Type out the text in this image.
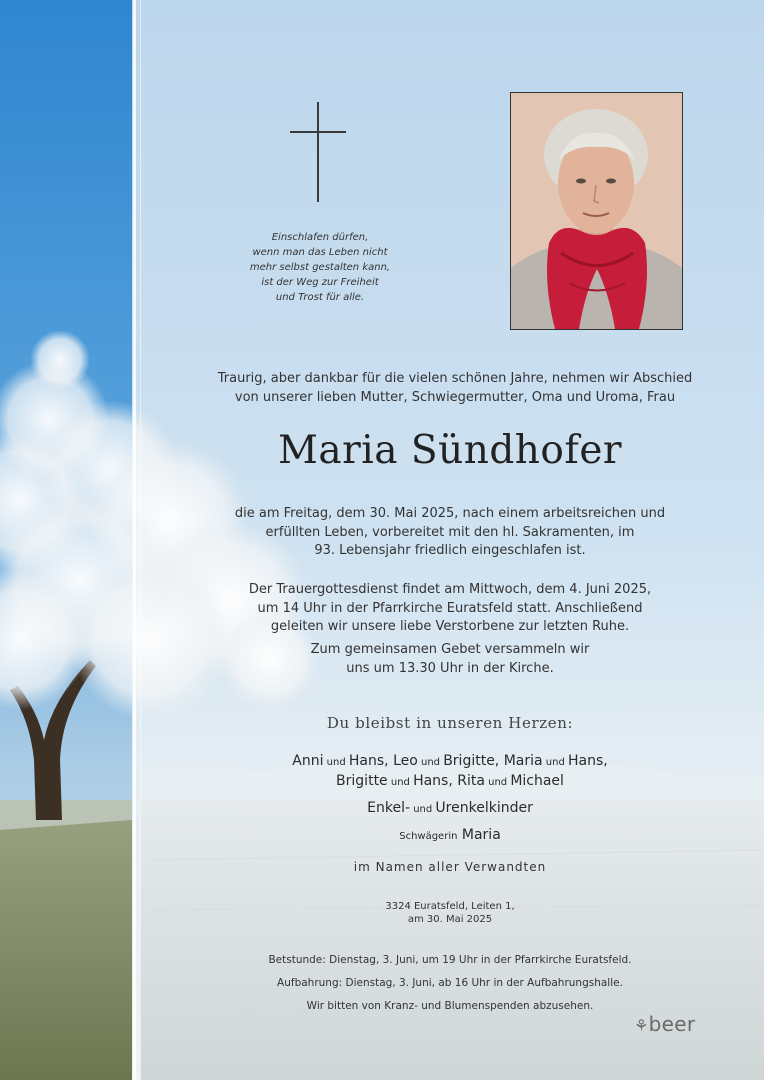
Einschlafen dürfen,
wenn man das Leben nicht
mehr selbst gestalten kann,
ist der Weg zur Freiheit
und Trost für alle.
Traurig, aber dankbar für die vielen schönen Jahre, nehmen wir Abschied
von unserer lieben Mutter, Schwiegermutter, Oma und Uroma, Frau
Maria Sündhofer
die am Freitag, dem 30. Mai 2025, nach einem arbeitsreichen und
erfüllten Leben, vorbereitet mit den hl. Sakramenten, im
93. Lebensjahr friedlich eingeschlafen ist.
Der Trauergottesdienst findet am Mittwoch, dem 4. Juni 2025,
um 14 Uhr in der Pfarrkirche Euratsfeld statt. Anschließend
geleiten wir unsere liebe Verstorbene zur letzten Ruhe.
Zum gemeinsamen Gebet versammeln wir
uns um 13.30 Uhr in der Kirche.
Du bleibst in unseren Herzen:
Anni und Hans, Leo und Brigitte, Maria und Hans,
Brigitte und Hans, Rita und Michael
Enkel- und Urenkelkinder
Schwägerin Maria
im Namen aller Verwandten
3324 Euratsfeld, Leiten 1,
am 30. Mai 2025
Betstunde: Dienstag, 3. Juni, um 19 Uhr in der Pfarrkirche Euratsfeld.
Aufbahrung: Dienstag, 3. Juni, ab 16 Uhr in der Aufbahrungshalle.
Wir bitten von Kranz- und Blumenspenden abzusehen.
⚘beer
